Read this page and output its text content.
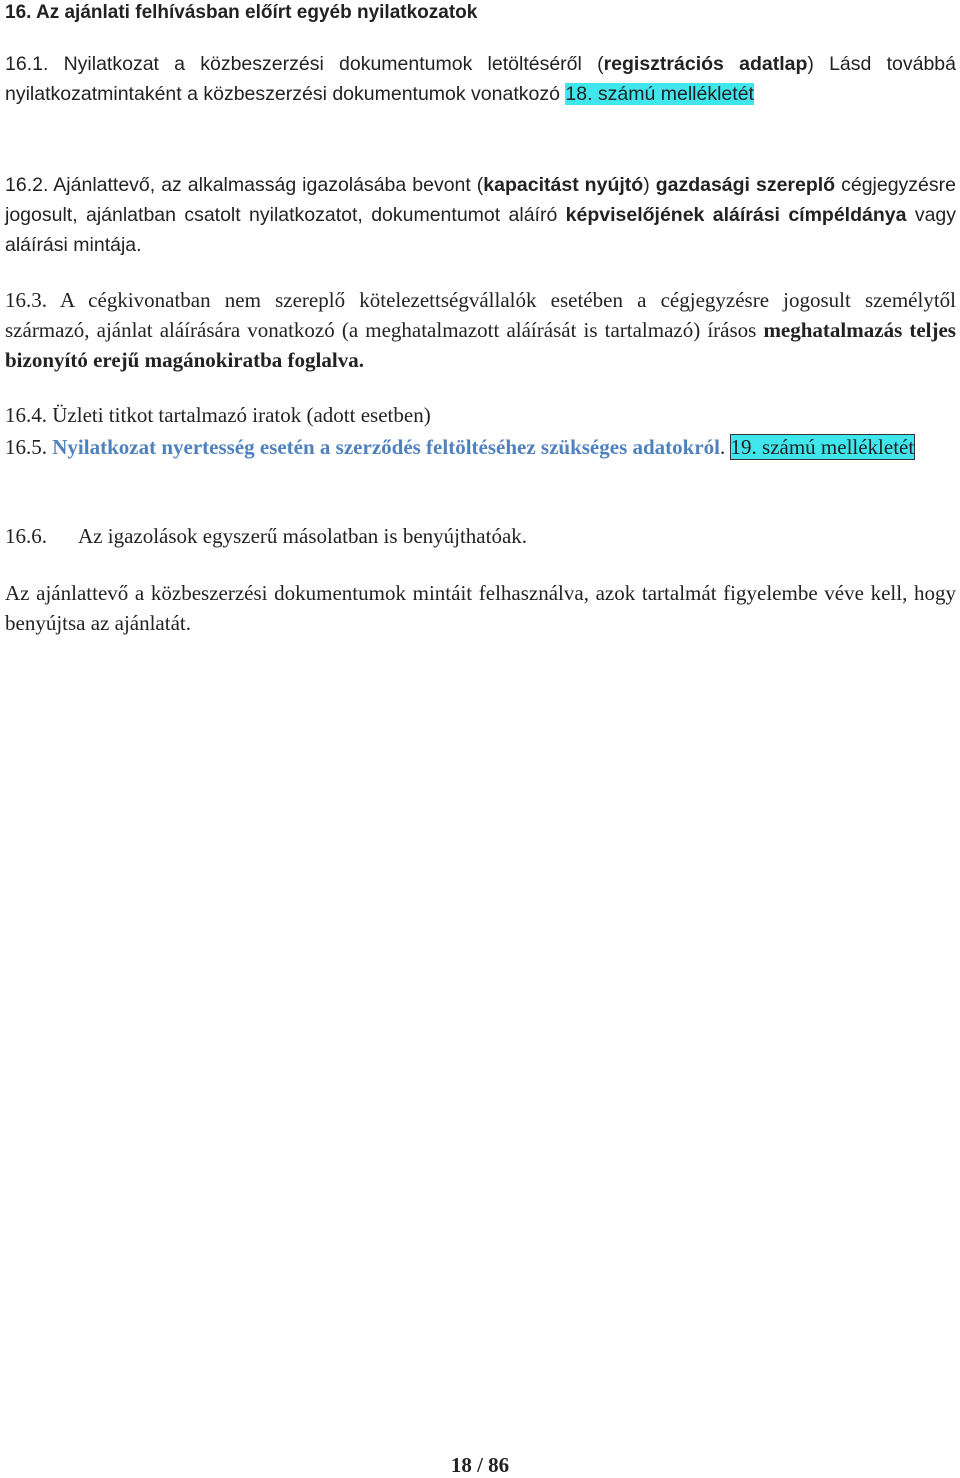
16. Az ajánlati felhívásban előírt egyéb nyilatkozatok
16.1. Nyilatkozat a közbeszerzési dokumentumok letöltéséről (regisztrációs adatlap) Lásd továbbá nyilatkozatmintaként a közbeszerzési dokumentumok vonatkozó 18. számú mellékletét
16.2. Ajánlattevő, az alkalmasság igazolásába bevont (kapacitást nyújtó) gazdasági szereplő cégjegyzésre jogosult, ajánlatban csatolt nyilatkozatot, dokumentumot aláíró képviselőjének aláírási címpéldánya vagy aláírási mintája.
16.3. A cégkivonatban nem szereplő kötelezettségvállalók esetében a cégjegyzésre jogosult személytől származó, ajánlat aláírására vonatkozó (a meghatalmazott aláírását is tartalmazó) írásos meghatalmazás teljes bizonyító erejű magánokiratba foglalva.
16.4. Üzleti titkot tartalmazó iratok (adott esetben)
16.5. Nyilatkozat nyertesség esetén a szerződés feltöltéséhez szükséges adatokról. 19. számú mellékletét
16.6. Az igazolások egyszerű másolatban is benyújthatóak.
Az ajánlattevő a közbeszerzési dokumentumok mintáit felhasználva, azok tartalmát figyelembe véve kell, hogy benyújtsa az ajánlatát.
18 / 86
